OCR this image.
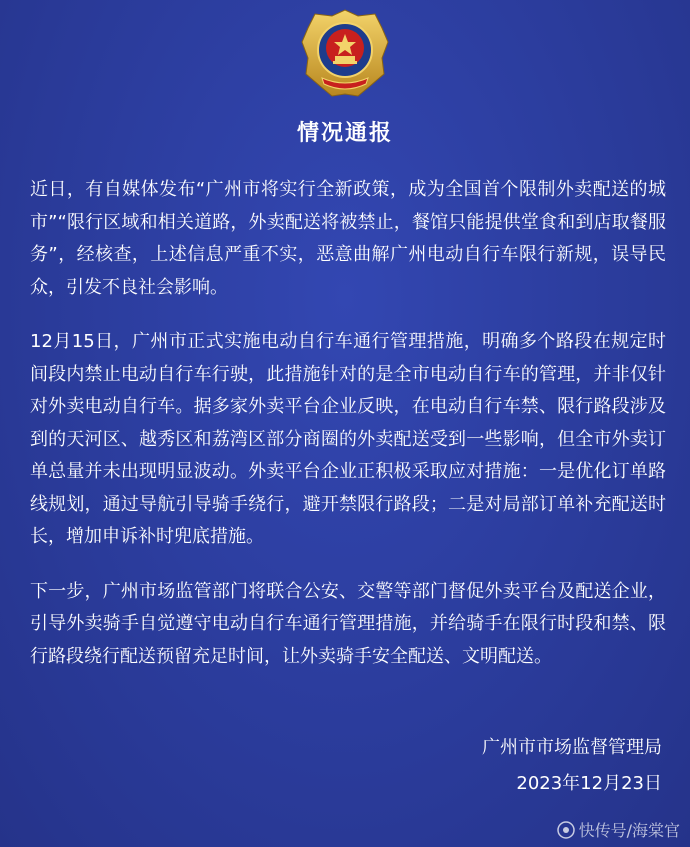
情况通报

近日，有自媒体发布“广州市将实行全新政策，成为全国首个限制外卖配送的城市”“限行区域和相关道路，外卖配送将被禁止，餐馆只能提供堂食和到店取餐服务”，经核查，上述信息严重不实，恶意曲解广州电动自行车限行新规，误导民众，引发不良社会影响。

12月15日，广州市正式实施电动自行车通行管理措施，明确多个路段在规定时间段内禁止电动自行车行驶，此措施针对的是全市电动自行车的管理，并非仅针对外卖电动自行车。据多家外卖平台企业反映，在电动自行车禁、限行路段涉及到的天河区、越秀区和荔湾区部分商圈的外卖配送受到一些影响，但全市外卖订单总量并未出现明显波动。外卖平台企业正积极采取应对措施：一是优化订单路线规划，通过导航引导骑手绕行，避开禁限行路段；二是对局部订单补充配送时长，增加申诉补时兜底措施。

下一步，广州市场监管部门将联合公安、交警等部门督促外卖平台及配送企业，引导外卖骑手自觉遵守电动自行车通行管理措施，并给骑手在限行时段和禁、限行路段绕行配送预留充足时间，让外卖骑手安全配送、文明配送。

广州市市场监督管理局
2023年12月23日
快传号/海棠官
